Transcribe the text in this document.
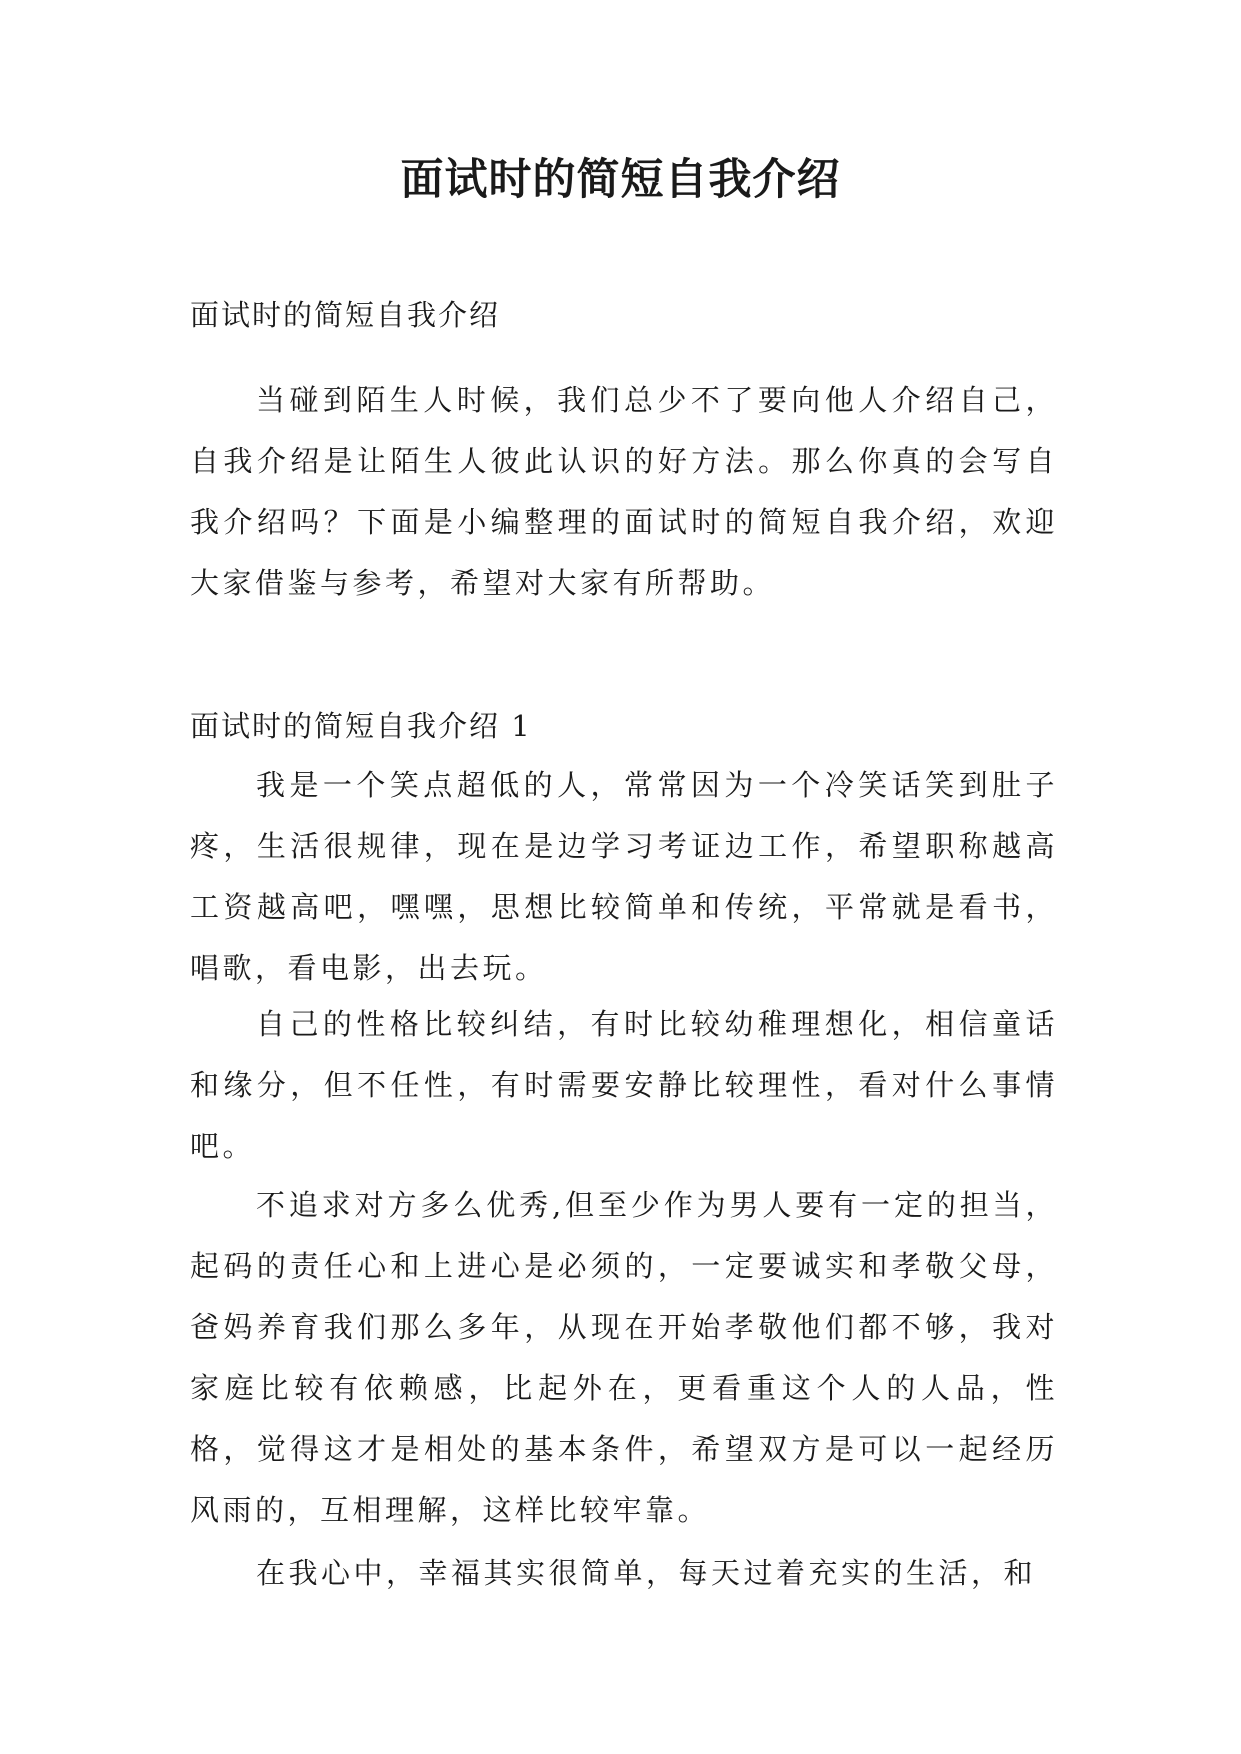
面试时的简短自我介绍
面试时的简短自我介绍

当碰到陌生人时候，我们总少不了要向他人介绍自己，自我介绍是让陌生人彼此认识的好方法。那么你真的会写自我介绍吗？下面是小编整理的面试时的简短自我介绍，欢迎大家借鉴与参考，希望对大家有所帮助。

面试时的简短自我介绍 1

我是一个笑点超低的人，常常因为一个冷笑话笑到肚子疼，生活很规律，现在是边学习考证边工作，希望职称越高工资越高吧，嘿嘿，思想比较简单和传统，平常就是看书，唱歌，看电影，出去玩。

自己的性格比较纠结，有时比较幼稚理想化，相信童话和缘分，但不任性，有时需要安静比较理性，看对什么事情吧。

不追求对方多么优秀,但至少作为男人要有一定的担当，起码的责任心和上进心是必须的，一定要诚实和孝敬父母，爸妈养育我们那么多年，从现在开始孝敬他们都不够，我对家庭比较有依赖感，比起外在，更看重这个人的人品，性格，觉得这才是相处的基本条件，希望双方是可以一起经历风雨的，互相理解，这样比较牢靠。

在我心中，幸福其实很简单，每天过着充实的生活，和
